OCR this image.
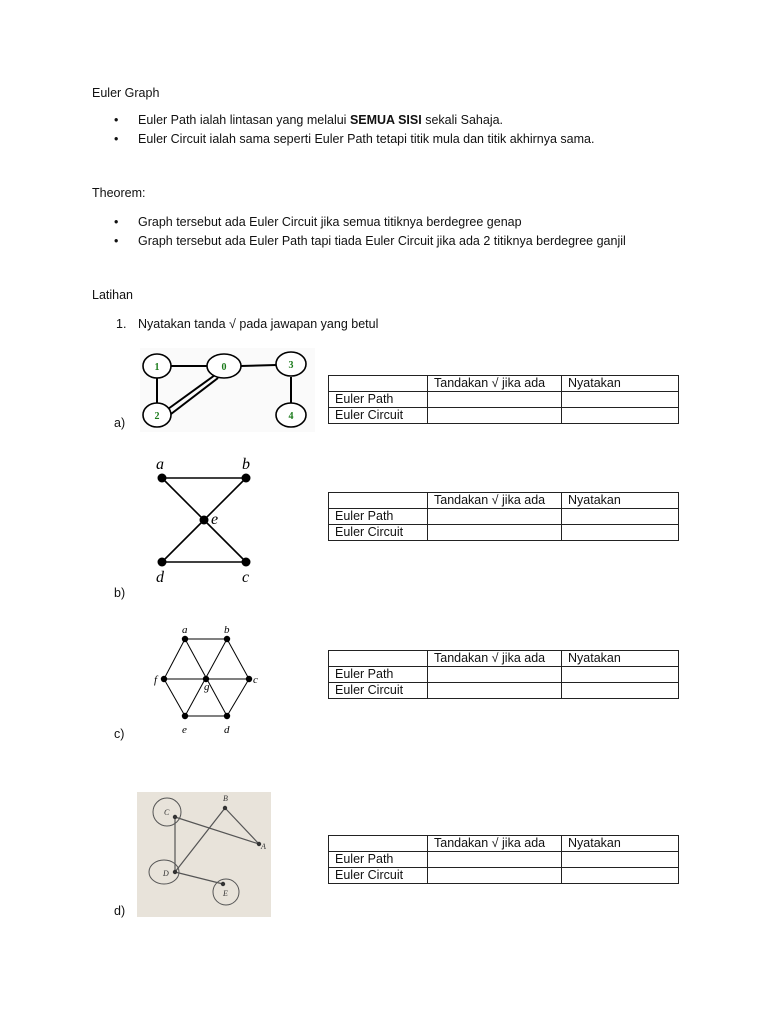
Euler Graph
• Euler Path ialah lintasan yang melalui SEMUA SISI sekali Sahaja.
• Euler Circuit ialah sama seperti Euler Path tetapi titik mula dan titik akhirnya sama.
Theorem:
• Graph tersebut ada Euler Circuit jika semua titiknya berdegree genap
• Graph tersebut ada Euler Path tapi tiada Euler Circuit jika ada 2 titiknya berdegree ganjil
Latihan
1. Nyatakan tanda √ pada jawapan yang betul
1	0	3
2	4
a)
	Tandakan √ jika ada	Nyatakan
Euler Path		
Euler Circuit		
a	b
e
d	c
b)
	Tandakan √ jika ada	Nyatakan
Euler Path		
Euler Circuit		
a	b
f
g
c
e	d
c)
	Tandakan √ jika ada	Nyatakan
Euler Path		
Euler Circuit		
C
B
A
D
E
d)
	Tandakan √ jika ada	Nyatakan
Euler Path		
Euler Circuit		
